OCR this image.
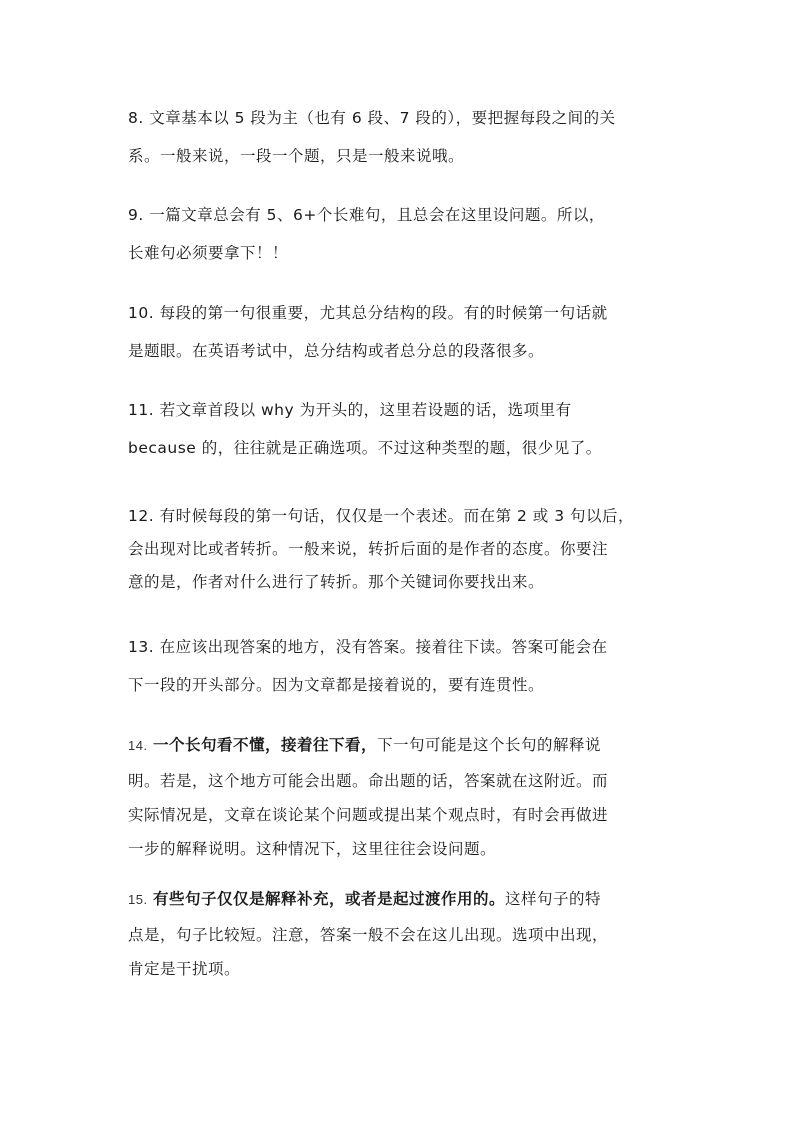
8. 文章基本以 5 段为主（也有 6 段、7 段的），要把握每段之间的关
系。一般来说，一段一个题，只是一般来说哦。

9. 一篇文章总会有 5、6+个长难句，且总会在这里设问题。所以，
长难句必须要拿下！！

10. 每段的第一句很重要，尤其总分结构的段。有的时候第一句话就
是题眼。在英语考试中，总分结构或者总分总的段落很多。

11. 若文章首段以 why 为开头的，这里若设题的话，选项里有
because 的，往往就是正确选项。不过这种类型的题，很少见了。

12. 有时候每段的第一句话，仅仅是一个表述。而在第 2 或 3 句以后，
会出现对比或者转折。一般来说，转折后面的是作者的态度。你要注
意的是，作者对什么进行了转折。那个关键词你要找出来。

13. 在应该出现答案的地方，没有答案。接着往下读。答案可能会在
下一段的开头部分。因为文章都是接着说的，要有连贯性。

14. 一个长句看不懂，接着往下看，下一句可能是这个长句的解释说
明。若是，这个地方可能会出题。命出题的话，答案就在这附近。而
实际情况是，文章在谈论某个问题或提出某个观点时，有时会再做进
一步的解释说明。这种情况下，这里往往会设问题。

15. 有些句子仅仅是解释补充，或者是起过渡作用的。这样句子的特
点是，句子比较短。注意，答案一般不会在这儿出现。选项中出现，
肯定是干扰项。
